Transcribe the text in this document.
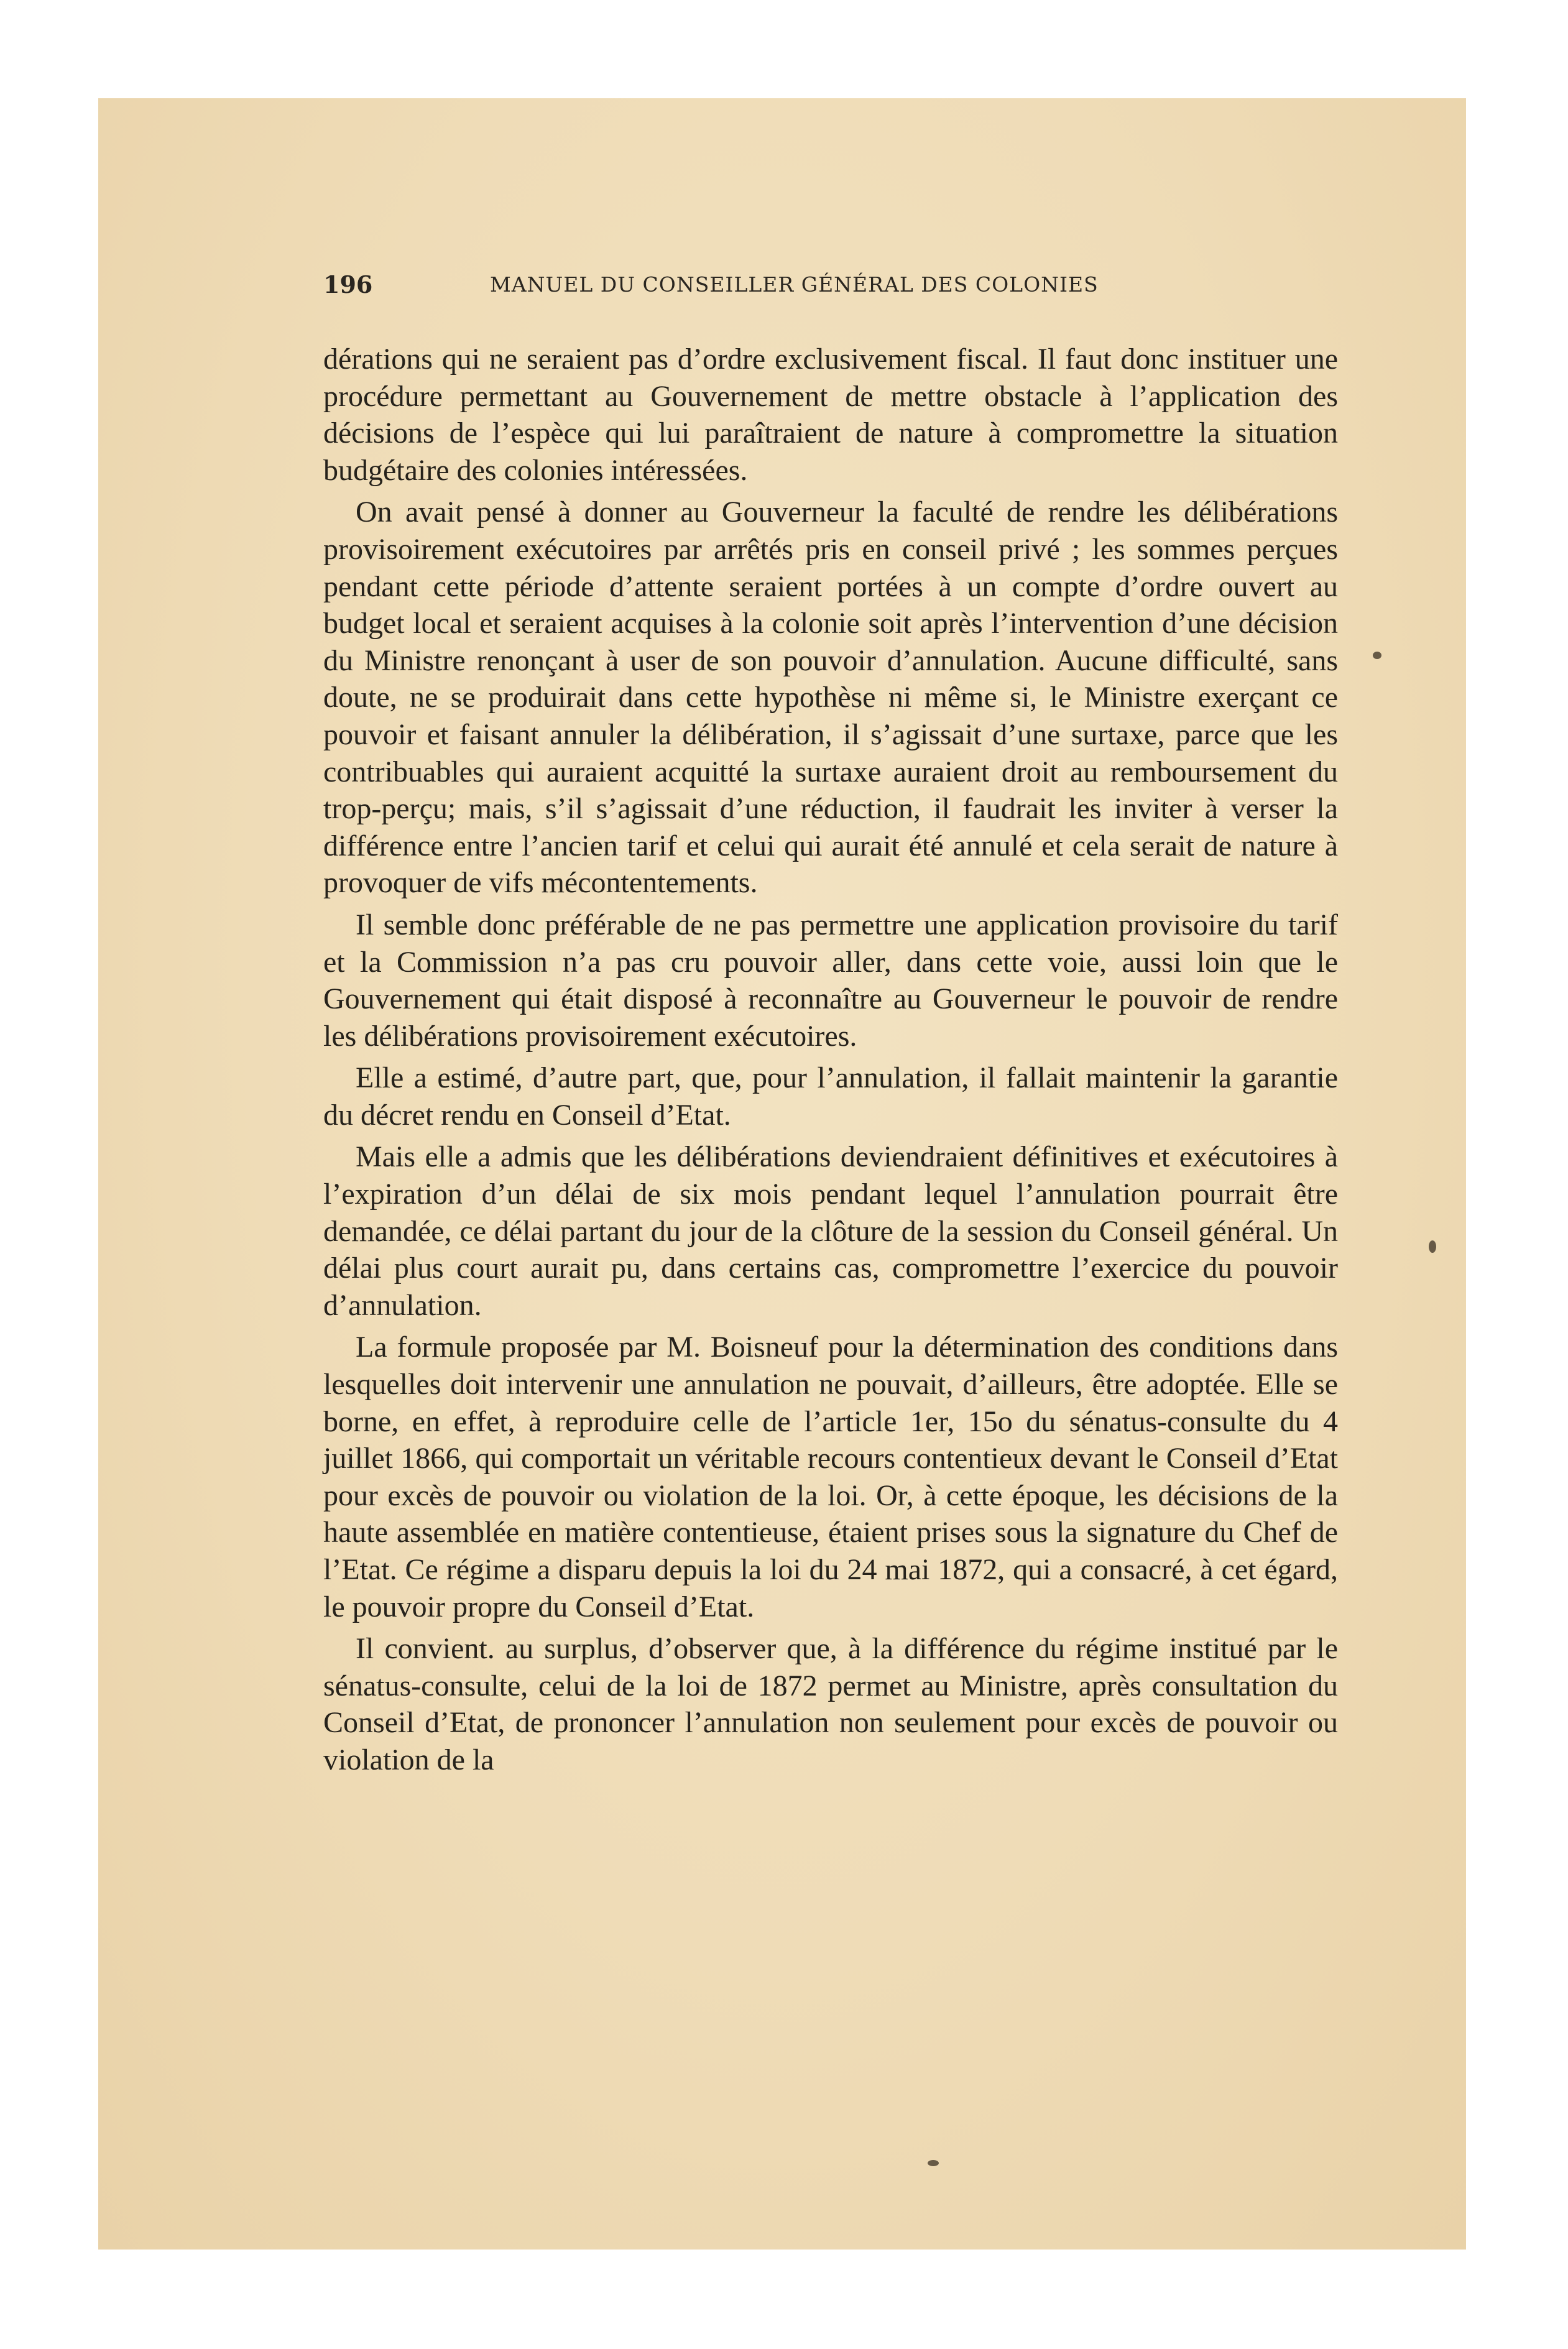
196	MANUEL DU CONSEILLER GÉNÉRAL DES COLONIES

dérations qui ne seraient pas d’ordre exclusivement fiscal. Il faut donc instituer une procédure permettant au Gouvernement de mettre obstacle à l’application des décisions de l’espèce qui lui paraîtraient de nature à compromettre la situation budgétaire des colonies intéressées.

On avait pensé à donner au Gouverneur la faculté de rendre les délibérations provisoirement exécutoires par arrêtés pris en conseil privé ; les sommes perçues pendant cette période d’attente seraient portées à un compte d’ordre ouvert au budget local et seraient acquises à la colonie soit après l’intervention d’une décision du Ministre renonçant à user de son pouvoir d’annulation. Aucune difficulté, sans doute, ne se produirait dans cette hypothèse ni même si, le Ministre exerçant ce pouvoir et faisant annuler la délibération, il s’agissait d’une surtaxe, parce que les contribuables qui auraient acquitté la surtaxe auraient droit au remboursement du trop-perçu; mais, s’il s’agissait d’une réduction, il faudrait les inviter à verser la différence entre l’ancien tarif et celui qui aurait été annulé et cela serait de nature à provoquer de vifs mécontentements.

Il semble donc préférable de ne pas permettre une application provisoire du tarif et la Commission n’a pas cru pouvoir aller, dans cette voie, aussi loin que le Gouvernement qui était disposé à reconnaître au Gouverneur le pouvoir de rendre les délibérations provisoirement exécutoires.

Elle a estimé, d’autre part, que, pour l’annulation, il fallait maintenir la garantie du décret rendu en Conseil d’Etat.

Mais elle a admis que les délibérations deviendraient définitives et exécutoires à l’expiration d’un délai de six mois pendant lequel l’annulation pourrait être demandée, ce délai partant du jour de la clôture de la session du Conseil général. Un délai plus court aurait pu, dans certains cas, compromettre l’exercice du pouvoir d’annulation.

La formule proposée par M. Boisneuf pour la détermination des conditions dans lesquelles doit intervenir une annulation ne pouvait, d’ailleurs, être adoptée. Elle se borne, en effet, à reproduire celle de l’article 1er, 15o du sénatus-consulte du 4 juillet 1866, qui comportait un véritable recours contentieux devant le Conseil d’Etat pour excès de pouvoir ou violation de la loi. Or, à cette époque, les décisions de la haute assemblée en matière contentieuse, étaient prises sous la signature du Chef de l’Etat. Ce régime a disparu depuis la loi du 24 mai 1872, qui a consacré, à cet égard, le pouvoir propre du Conseil d’Etat.

Il convient. au surplus, d’observer que, à la différence du régime institué par le sénatus-consulte, celui de la loi de 1872 permet au Ministre, après consultation du Conseil d’Etat, de prononcer l’annulation non seulement pour excès de pouvoir ou violation de la
